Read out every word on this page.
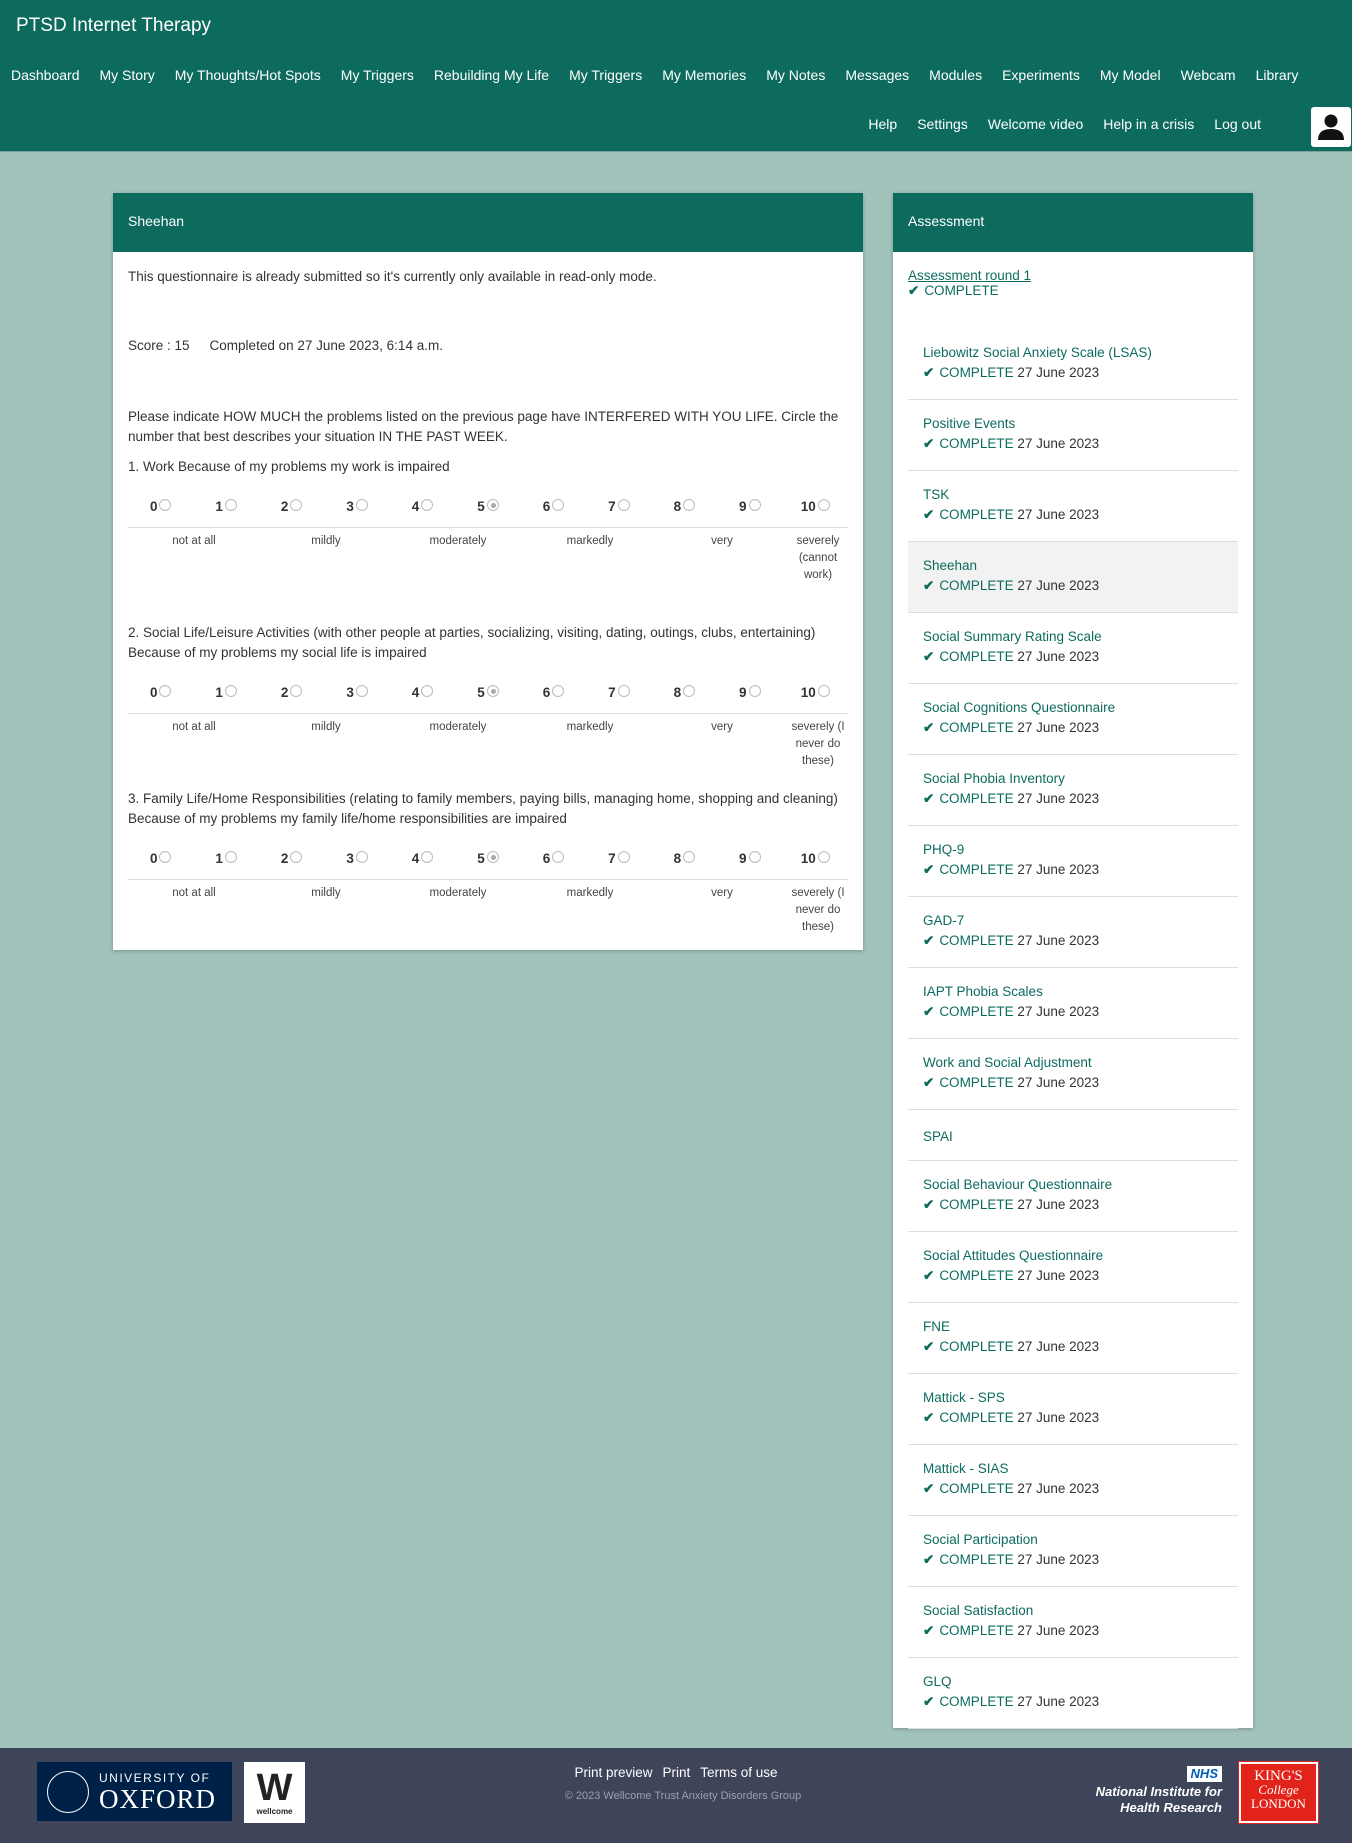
PTSD Internet Therapy
Dashboard My Story My Thoughts/Hot Spots My Triggers Rebuilding My Life My Triggers My Memories My Notes Messages Modules Experiments My Model Webcam Library
Help Settings Welcome video Help in a crisis Log out
Sheehan
This questionnaire is already submitted so it's currently only available in read-only mode.
Score : 15 Completed on 27 June 2023, 6:14 a.m.
Please indicate HOW MUCH the problems listed on the previous page have INTERFERED WITH YOU LIFE. Circle the number that best describes your situation IN THE PAST WEEK.
1. Work Because of my problems my work is impaired
0	1	2	3	4	5	6	7	8	9	10
not at all	mildly	moderately	markedly	very	severely (cannot work)
2. Social Life/Leisure Activities (with other people at parties, socializing, visiting, dating, outings, clubs, entertaining) Because of my problems my social life is impaired
0	1	2	3	4	5	6	7	8	9	10
not at all	mildly	moderately	markedly	very	severely (I never do these)
3. Family Life/Home Responsibilities (relating to family members, paying bills, managing home, shopping and cleaning) Because of my problems my family life/home responsibilities are impaired
0	1	2	3	4	5	6	7	8	9	10
not at all	mildly	moderately	markedly	very	severely (I never do these)
Assessment
Assessment round 1
✔ COMPLETE
Liebowitz Social Anxiety Scale (LSAS)
✔ COMPLETE 27 June 2023
Positive Events
✔ COMPLETE 27 June 2023
TSK
✔ COMPLETE 27 June 2023
Sheehan
✔ COMPLETE 27 June 2023
Social Summary Rating Scale
✔ COMPLETE 27 June 2023
Social Cognitions Questionnaire
✔ COMPLETE 27 June 2023
Social Phobia Inventory
✔ COMPLETE 27 June 2023
PHQ-9
✔ COMPLETE 27 June 2023
GAD-7
✔ COMPLETE 27 June 2023
IAPT Phobia Scales
✔ COMPLETE 27 June 2023
Work and Social Adjustment
✔ COMPLETE 27 June 2023
SPAI
Social Behaviour Questionnaire
✔ COMPLETE 27 June 2023
Social Attitudes Questionnaire
✔ COMPLETE 27 June 2023
FNE
✔ COMPLETE 27 June 2023
Mattick - SPS
✔ COMPLETE 27 June 2023
Mattick - SIAS
✔ COMPLETE 27 June 2023
Social Participation
✔ COMPLETE 27 June 2023
Social Satisfaction
✔ COMPLETE 27 June 2023
GLQ
✔ COMPLETE 27 June 2023
UNIVERSITY OF
OXFORD W
wellcome
Print preview Print Terms of use
© 2023 Wellcome Trust Anxiety Disorders Group
NHS
National Institute for
Health Research
KING'S
College
LONDON
